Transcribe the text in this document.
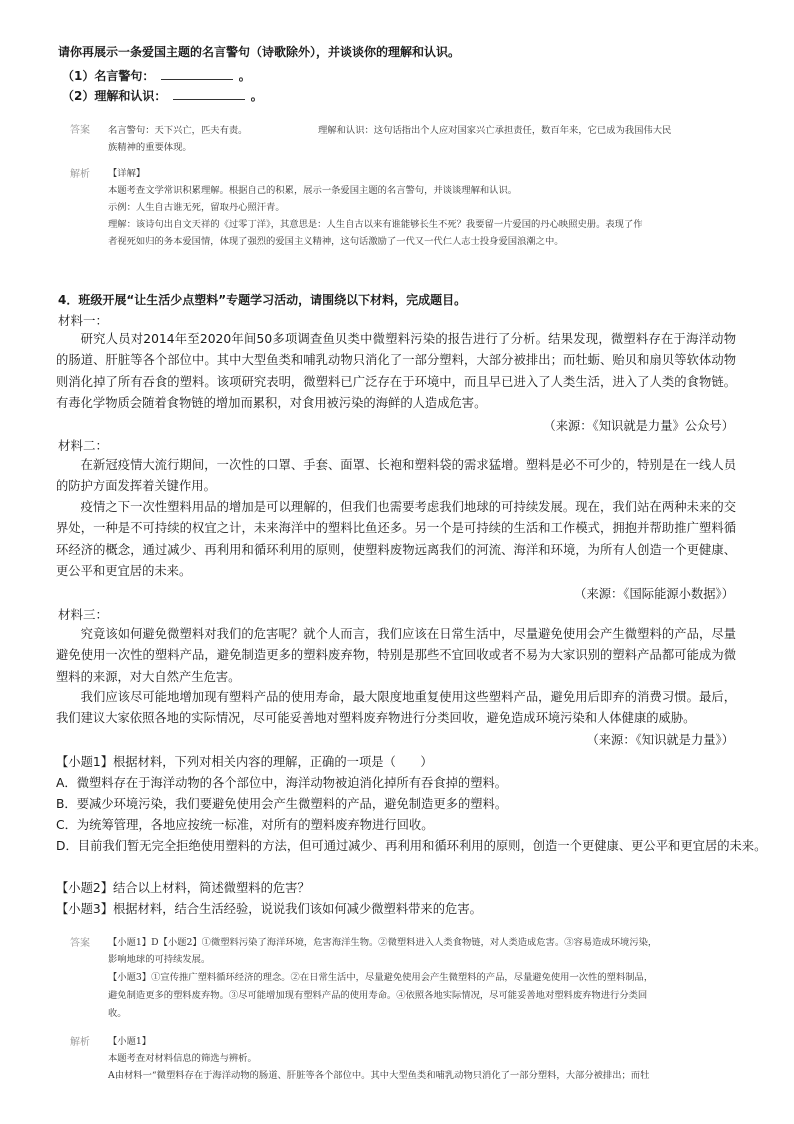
请你再展示一条爱国主题的名言警句（诗歌除外），并谈谈你的理解和认识。
（1）名言警句：	。
（2）理解和认识：	。
答案 名言警句：天下兴亡，匹夫有责。	理解和认识：这句话指出个人应对国家兴亡承担责任，数百年来，它已成为我国伟大民
族精神的重要体现。
解析 【详解】
本题考查文学常识积累理解。根据自己的积累，展示一条爱国主题的名言警句，并谈谈理解和认识。
示例：人生自古谁无死，留取丹心照汗青。
理解：该诗句出自文天祥的《过零丁洋》，其意思是：人生自古以来有谁能够长生不死？我要留一片爱国的丹心映照史册。表现了作
者视死如归的务本爱国情，体现了强烈的爱国主义精神，这句话激励了一代又一代仁人志士投身爱国浪潮之中。
4．班级开展“让生活少点塑料”专题学习活动，请围绕以下材料，完成题目。
材料一：

研究人员对2014年至2020年间50多项调查鱼贝类中微塑料污染的报告进行了分析。结果发现，微塑料存在于海洋动物的肠道、肝脏等各个部位中。其中大型鱼类和哺乳动物只消化了一部分塑料，大部分被排出；而牡蛎、贻贝和扇贝等软体动物则消化掉了所有吞食的塑料。该项研究表明，微塑料已广泛存在于环境中，而且早已进入了人类生活，进入了人类的食物链。有毒化学物质会随着食物链的增加而累积，对食用被污染的海鲜的人造成危害。

（来源：《知识就是力量》公众号）
材料二：

在新冠疫情大流行期间，一次性的口罩、手套、面罩、长袍和塑料袋的需求猛增。塑料是必不可少的，特别是在一线人员的防护方面发挥着关键作用。

疫情之下一次性塑料用品的增加是可以理解的，但我们也需要考虑我们地球的可持续发展。现在，我们站在两种未来的交界处，一种是不可持续的权宜之计，未来海洋中的塑料比鱼还多。另一个是可持续的生活和工作模式，拥抱并帮助推广塑料循环经济的概念，通过减少、再利用和循环利用的原则，使塑料废物远离我们的河流、海洋和环境，为所有人创造一个更健康、更公平和更宜居的未来。

（来源：《国际能源小数据》）
材料三：

究竟该如何避免微塑料对我们的危害呢？就个人而言，我们应该在日常生活中，尽量避免使用会产生微塑料的产品，尽量避免使用一次性的塑料产品，避免制造更多的塑料废弃物，特别是那些不宜回收或者不易为大家识别的塑料产品都可能成为微塑料的来源，对大自然产生危害。

我们应该尽可能地增加现有塑料产品的使用寿命，最大限度地重复使用这些塑料产品，避免用后即弃的消费习惯。最后，我们建议大家依照各地的实际情况，尽可能妥善地对塑料废弃物进行分类回收，避免造成环境污染和人体健康的威胁。

（来源：《知识就是力量》）
【小题1】根据材料，下列对相关内容的理解，正确的一项是（　　）
A．微塑料存在于海洋动物的各个部位中，海洋动物被迫消化掉所有吞食掉的塑料。
B．要减少环境污染，我们要避免使用会产生微塑料的产品，避免制造更多的塑料。
C．为统筹管理，各地应按统一标准，对所有的塑料废弃物进行回收。
D．目前我们暂无完全拒绝使用塑料的方法，但可通过减少、再利用和循环利用的原则，创造一个更健康、更公平和更宜居的未来。
【小题2】结合以上材料，简述微塑料的危害？
【小题3】根据材料，结合生活经验，说说我们该如何减少微塑料带来的危害。
答案 【小题1】D【小题2】①微塑料污染了海洋环境，危害海洋生物。②微塑料进入人类食物链，对人类造成危害。③容易造成环境污染，
影响地球的可持续发展。
【小题3】①宣传推广塑料循环经济的理念。②在日常生活中，尽量避免使用会产生微塑料的产品，尽量避免使用一次性的塑料制品，
避免制造更多的塑料废弃物。③尽可能增加现有塑料产品的使用寿命。④依照各地实际情况，尽可能妥善地对塑料废弃物进行分类回
收。
解析 【小题1】
本题考查对材料信息的筛选与辨析。
A由材料一“微塑料存在于海洋动物的肠道、肝脏等各个部位中。其中大型鱼类和哺乳动物只消化了一部分塑料，大部分被排出；而牡
